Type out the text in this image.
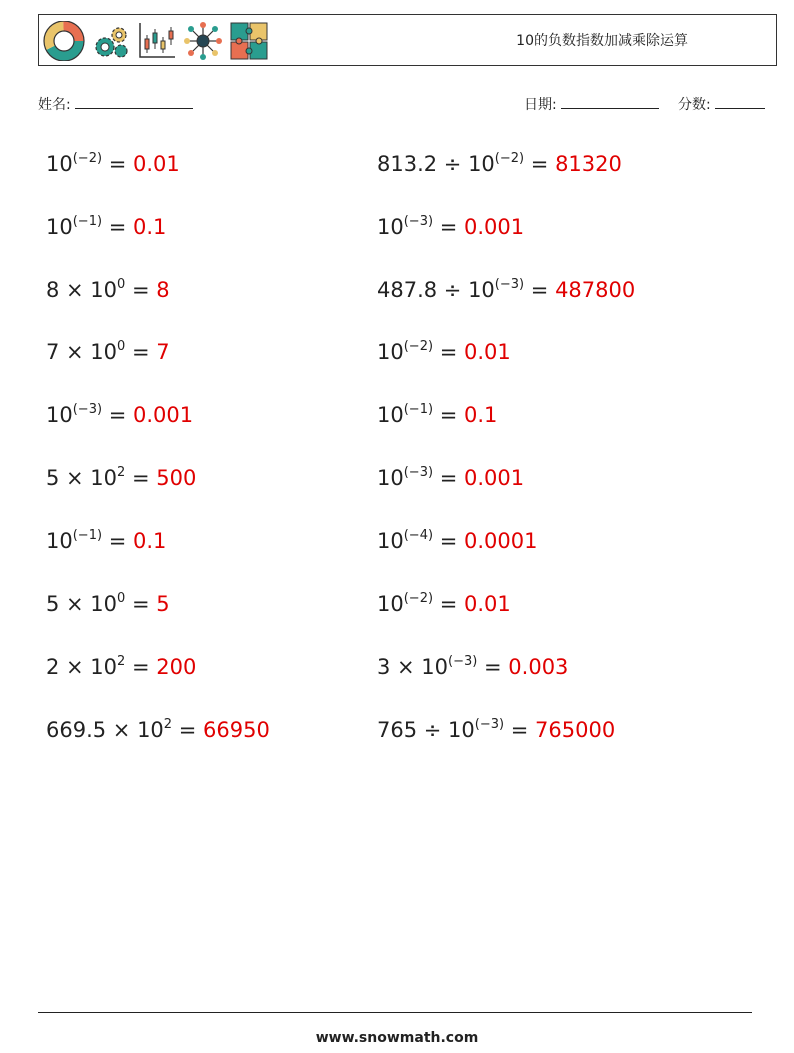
10的负数指数加减乘除运算
姓名:	日期:	分数:
$10^{(-2)} = 0.01$	$813.2 \div 10^{(-2)} = 81320$
$10^{(-1)} = 0.1$	$10^{(-3)} = 0.001$
$8 \times 10^0 = 8$	$487.8 \div 10^{(-3)} = 487800$
$7 \times 10^0 = 7$	$10^{(-2)} = 0.01$
$10^{(-3)} = 0.001$	$10^{(-1)} = 0.1$
$5 \times 10^2 = 500$	$10^{(-3)} = 0.001$
$10^{(-1)} = 0.1$	$10^{(-4)} = 0.0001$
$5 \times 10^0 = 5$	$10^{(-2)} = 0.01$
$2 \times 10^2 = 200$	$3 \times 10^{(-3)} = 0.003$
$669.5 \times 10^2 = 66950$	$765 \div 10^{(-3)} = 765000$
www.snowmath.com
